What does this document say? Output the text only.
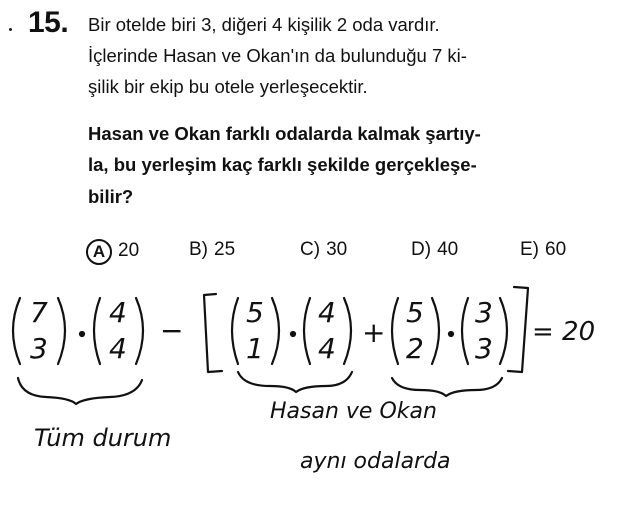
15. Bir otelde biri 3, diğeri 4 kişilik 2 oda vardır.
İçlerinde Hasan ve Okan'ın da bulunduğu 7 ki-
şilik bir ekip bu otele yerleşecektir.
Hasan ve Okan farklı odalarda kalmak şartıy-
la, bu yerleşim kaç farklı şekilde gerçekleşe-
bilir?
A 20	B) 25	C) 30	D) 40	E) 60
7
3
4
4
−
5
1
4
4 +
5
2
3
3 = 20
Tüm durum
Hasan ve Okan
aynı odalarda
